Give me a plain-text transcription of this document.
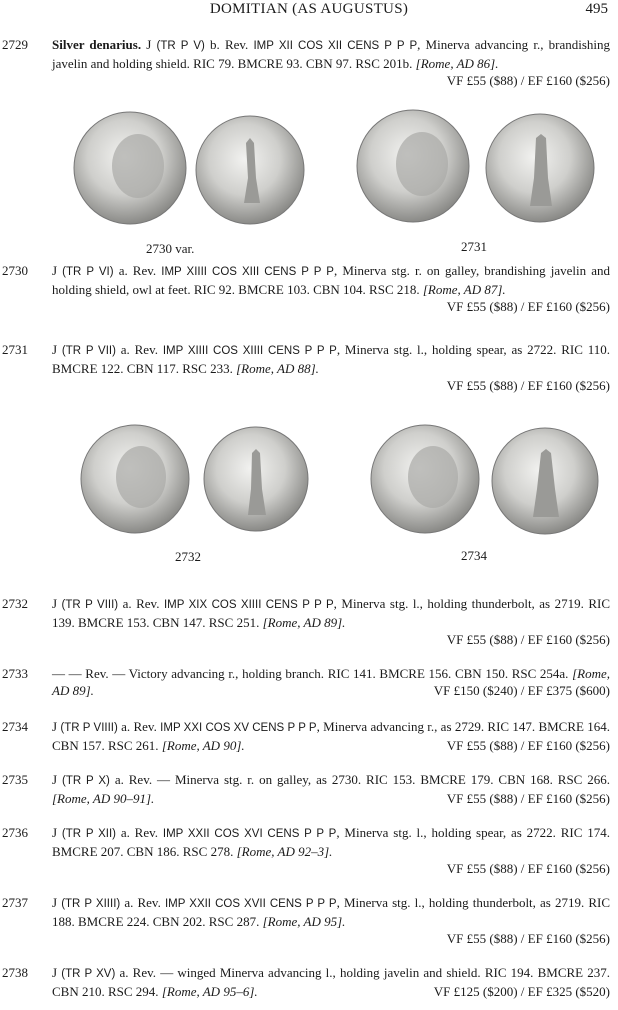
DOMITIAN (AS AUGUSTUS)	495
2729 Silver denarius. J (TR P V) b. Rev. IMP XII COS XII CENS P P P, Minerva advancing r., brandishing javelin and holding shield. RIC 79. BMCRE 93. CBN 97. RSC 201b. [Rome, AD 86].
VF £55 ($88) / EF £160 ($256)
2730 var.	2731
2730 J (TR P VI) a. Rev. IMP XIIII COS XIII CENS P P P, Minerva stg. r. on galley, brandishing javelin and holding shield, owl at feet. RIC 92. BMCRE 103. CBN 104. RSC 218. [Rome, AD 87].
VF £55 ($88) / EF £160 ($256)
2731 J (TR P VII) a. Rev. IMP XIIII COS XIIII CENS P P P, Minerva stg. l., holding spear, as 2722. RIC 110. BMCRE 122. CBN 117. RSC 233. [Rome, AD 88].
VF £55 ($88) / EF £160 ($256)
2732	2734
2732 J (TR P VIII) a. Rev. IMP XIX COS XIIII CENS P P P, Minerva stg. l., holding thunderbolt, as 2719. RIC 139. BMCRE 153. CBN 147. RSC 251. [Rome, AD 89].
VF £55 ($88) / EF £160 ($256)
2733 — — Rev. — Victory advancing r., holding branch. RIC 141. BMCRE 156. CBN 150. RSC 254a. [Rome, AD 89].	VF £150 ($240) / EF £375 ($600)
2734 J (TR P VIIII) a. Rev. IMP XXI COS XV CENS P P P, Minerva advancing r., as 2729. RIC 147. BMCRE 164. CBN 157. RSC 261. [Rome, AD 90].	VF £55 ($88) / EF £160 ($256)
2735 J (TR P X) a. Rev. — Minerva stg. r. on galley, as 2730. RIC 153. BMCRE 179. CBN 168. RSC 266. [Rome, AD 90–91].	VF £55 ($88) / EF £160 ($256)
2736 J (TR P XII) a. Rev. IMP XXII COS XVI CENS P P P, Minerva stg. l., holding spear, as 2722. RIC 174. BMCRE 207. CBN 186. RSC 278. [Rome, AD 92–3].
VF £55 ($88) / EF £160 ($256)
2737 J (TR P XIIII) a. Rev. IMP XXII COS XVII CENS P P P, Minerva stg. l., holding thunderbolt, as 2719. RIC 188. BMCRE 224. CBN 202. RSC 287. [Rome, AD 95].
VF £55 ($88) / EF £160 ($256)
2738 J (TR P XV) a. Rev. — winged Minerva advancing l., holding javelin and shield. RIC 194. BMCRE 237. CBN 210. RSC 294. [Rome, AD 95–6].	VF £125 ($200) / EF £325 ($520)
